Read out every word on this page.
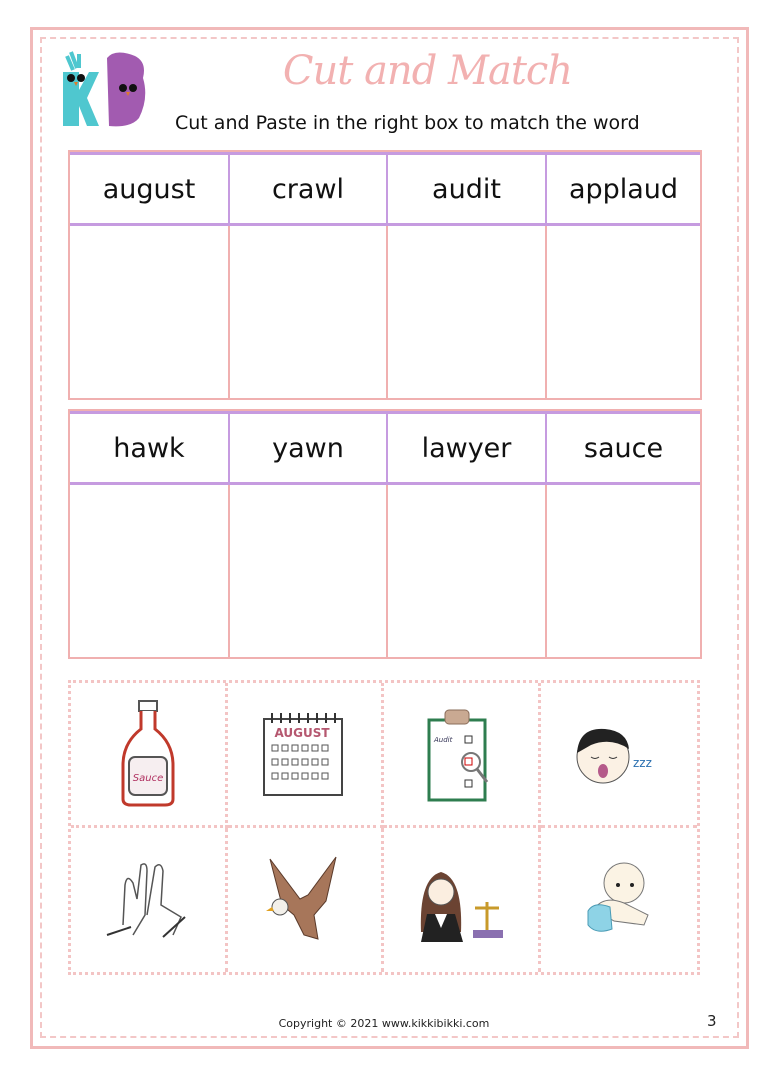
Cut and Match
Cut and Paste in the right box to match the word
august	crawl	audit	applaud
hawk	yawn	lawyer	sauce
Sauce
AUGUST	Audit
zzz
Copyright © 2021 www.kikkibikki.com	3
